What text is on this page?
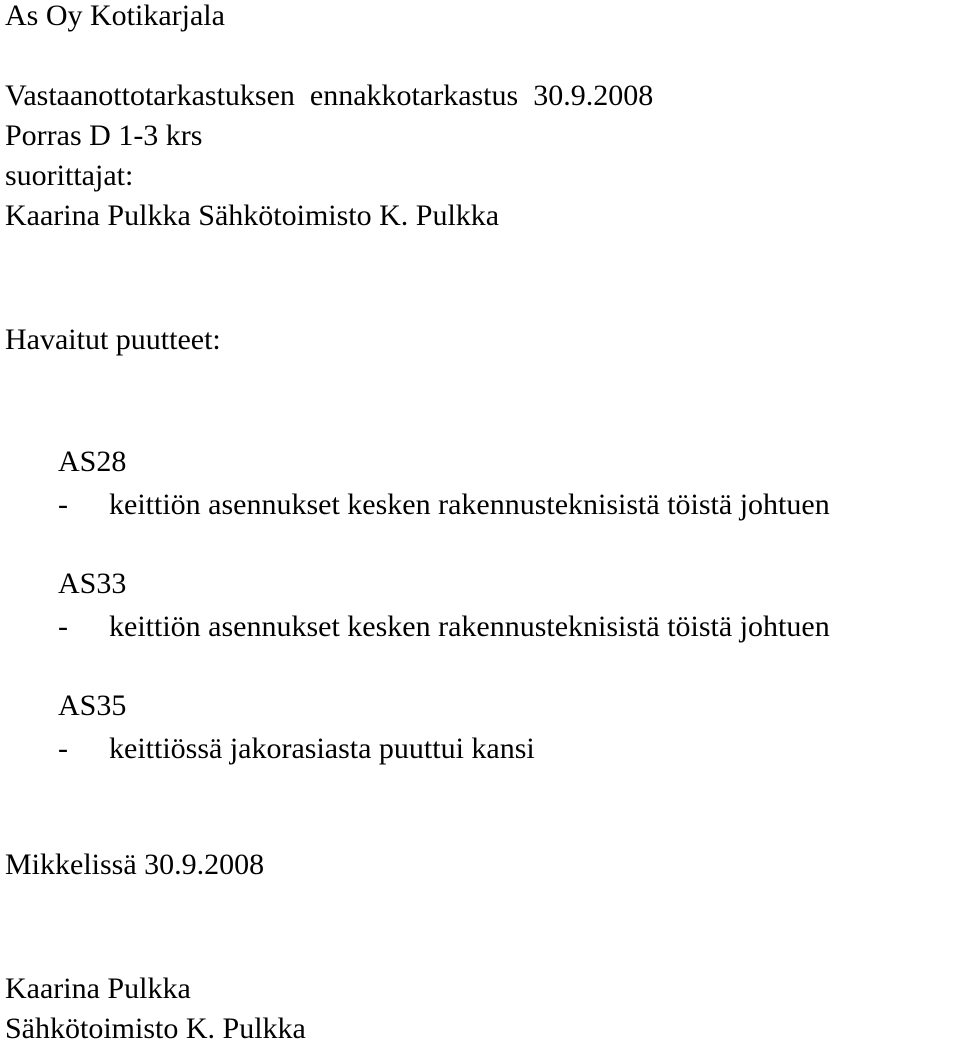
As Oy Kotikarjala
Vastaanottotarkastuksen  ennakkotarkastus  30.9.2008
Porras D 1-3 krs
suorittajat:
Kaarina Pulkka Sähkötoimisto K. Pulkka
Havaitut puutteet:
AS28
- keittiön asennukset kesken rakennusteknisistä töistä johtuen
AS33
- keittiön asennukset kesken rakennusteknisistä töistä johtuen
AS35
- keittiössä jakorasiasta puuttui kansi
Mikkelissä 30.9.2008
Kaarina Pulkka
Sähkötoimisto K. Pulkka
